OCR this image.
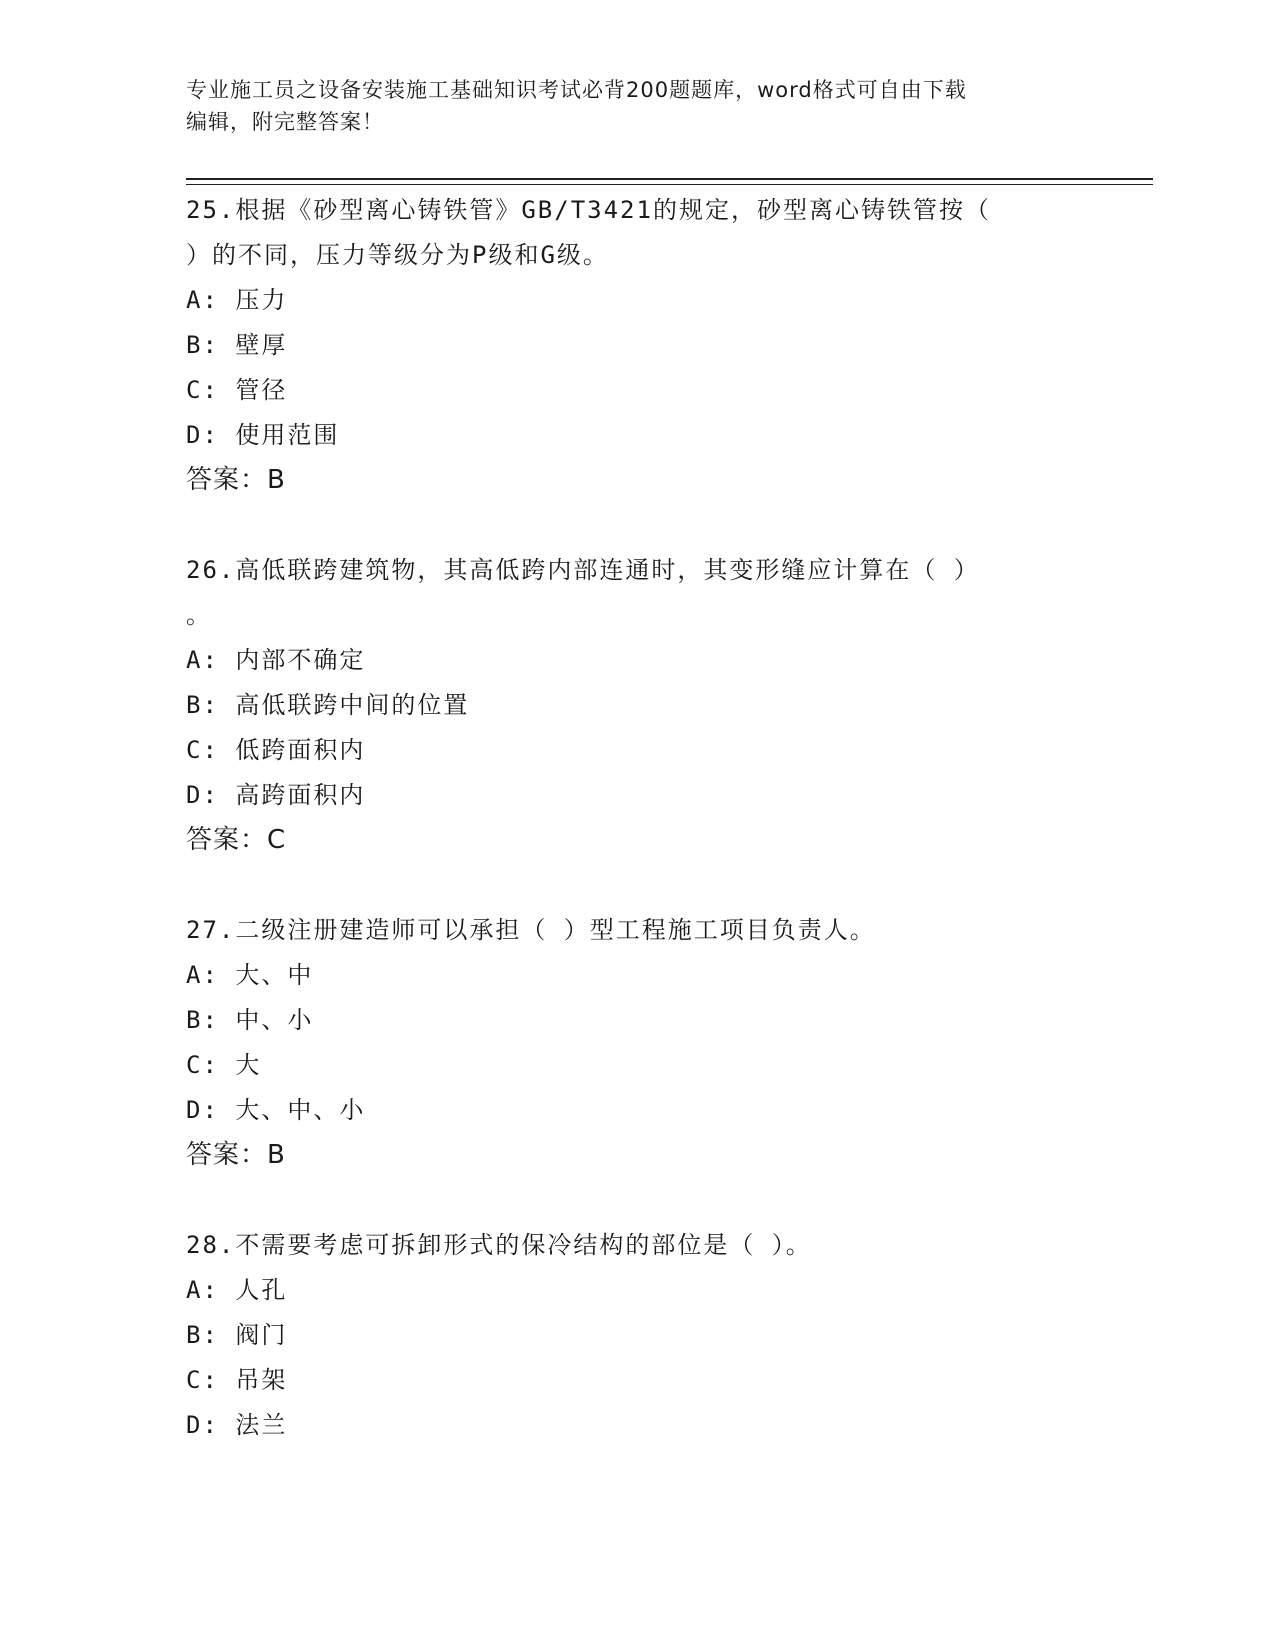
专业施工员之设备安装施工基础知识考试必背200题题库，word格式可自由下载
编辑，附完整答案！
25.根据《砂型离心铸铁管》GB/T3421的规定，砂型离心铸铁管按（
）的不同，压力等级分为P级和G级。
A: 压力
B: 壁厚
C: 管径
D: 使用范围
答案：B
26.高低联跨建筑物，其高低跨内部连通时，其变形缝应计算在（ ）
。
A: 内部不确定
B: 高低联跨中间的位置
C: 低跨面积内
D: 高跨面积内
答案：C
27.二级注册建造师可以承担（ ）型工程施工项目负责人。
A: 大、中
B: 中、小
C: 大
D: 大、中、小
答案：B
28.不需要考虑可拆卸形式的保冷结构的部位是（ ）。
A: 人孔
B: 阀门
C: 吊架
D: 法兰
